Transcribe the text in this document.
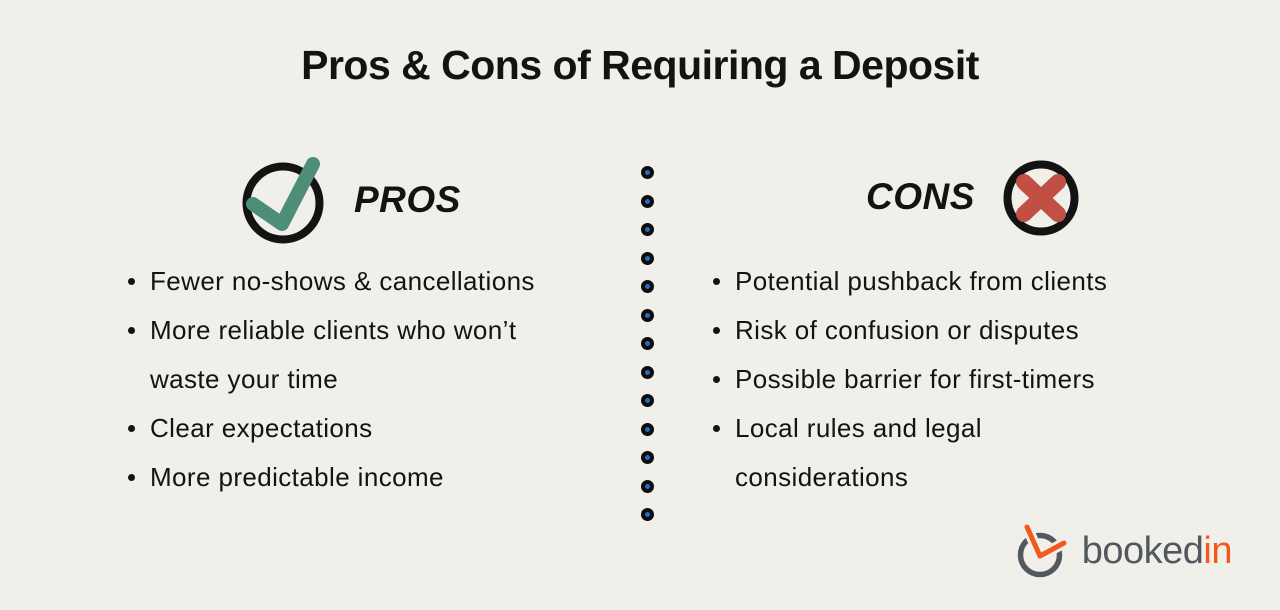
Pros & Cons of Requiring a Deposit
PROS	CONS
Fewer no-shows & cancellations
More reliable clients who won’t waste your time
Clear expectations
More predictable income
Potential pushback from clients
Risk of confusion or disputes
Possible barrier for first-timers
Local rules and legal considerations
bookedin
